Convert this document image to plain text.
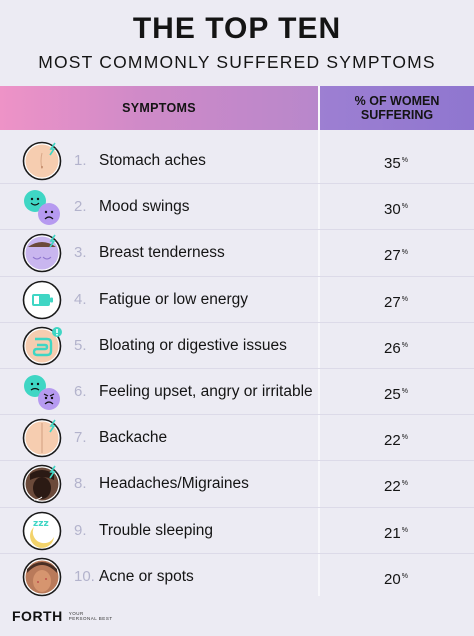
THE TOP TEN
MOST COMMONLY SUFFERED SYMPTOMS
SYMPTOMS	% OF WOMEN SUFFERING
1. Stomach aches	35%
2. Mood swings	30%
3. Breast tenderness	27%
4. Fatigue or low energy	27%
5. Bloating or digestive issues	26%
6. Feeling upset, angry or irritable	25%
7. Backache	22%
8. Headaches/Migraines	22%
zzz 9. Trouble sleeping	21%
10. Acne or spots	20%
FORTH YOUR PERSONAL BEST
